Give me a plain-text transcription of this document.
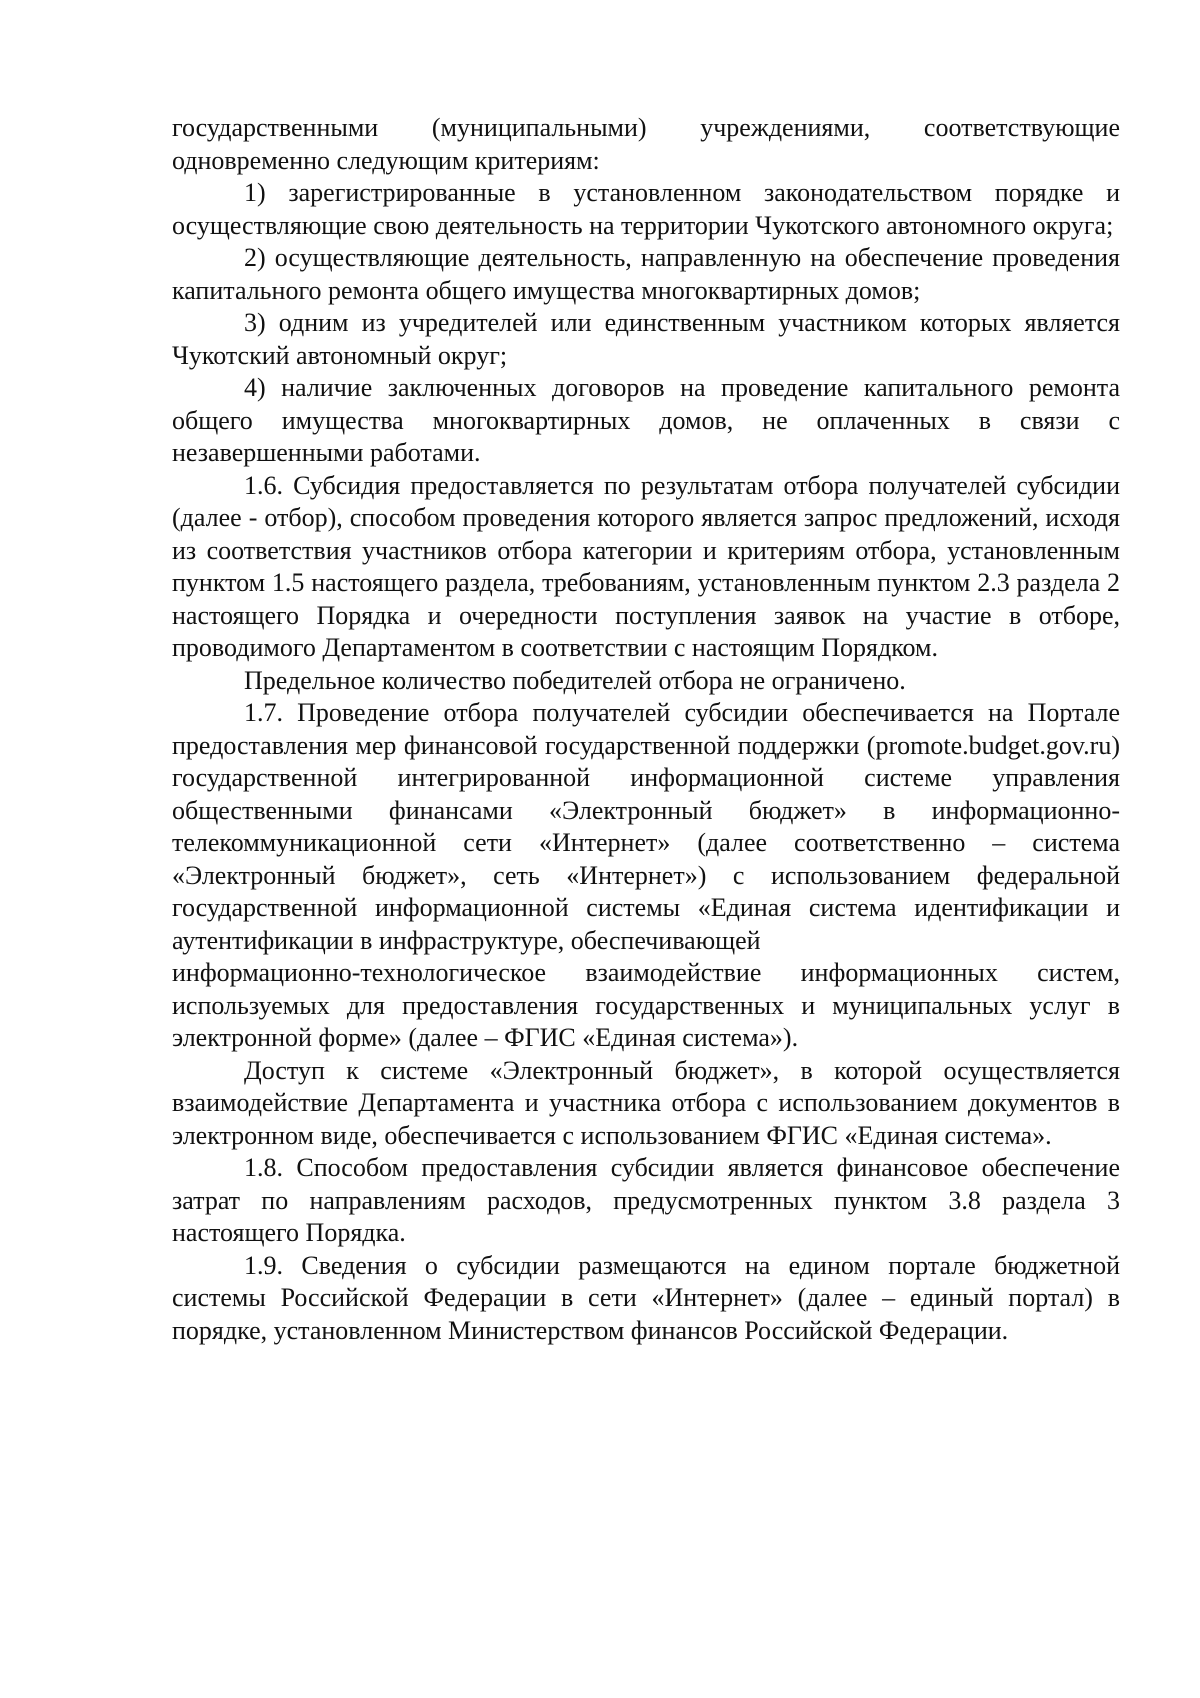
государственными (муниципальными) учреждениями, соответствующие одновременно следующим критериям:

1) зарегистрированные в установленном законодательством порядке и осуществляющие свою деятельность на территории Чукотского автономного округа;

2) осуществляющие деятельность, направленную на обеспечение проведения капитального ремонта общего имущества многоквартирных домов;

3) одним из учредителей или единственным участником которых является Чукотский автономный округ;

4) наличие заключенных договоров на проведение капитального ремонта общего имущества многоквартирных домов, не оплаченных в связи с незавершенными работами.

1.6. Субсидия предоставляется по результатам отбора получателей субсидии (далее - отбор), способом проведения которого является запрос предложений, исходя из соответствия участников отбора категории и критериям отбора, установленным пунктом 1.5 настоящего раздела, требованиям, установленным пунктом 2.3 раздела 2 настоящего Порядка и очередности поступления заявок на участие в отборе, проводимого Департаментом в соответствии с настоящим Порядком.

Предельное количество победителей отбора не ограничено.

1.7. Проведение отбора получателей субсидии обеспечивается на Портале предоставления мер финансовой государственной поддержки (promote.budget.gov.ru) государственной интегрированной информационной системе управления общественными финансами «Электронный бюджет» в информационно-телекоммуникационной сети «Интернет» (далее соответственно – система «Электронный бюджет», сеть «Интернет») с использованием федеральной государственной информационной системы «Единая система идентификации и аутентификации в инфраструктуре, обеспечивающей

информационно-технологическое взаимодействие информационных систем, используемых для предоставления государственных и муниципальных услуг в электронной форме» (далее – ФГИС «Единая система»).

Доступ к системе «Электронный бюджет», в которой осуществляется взаимодействие Департамента и участника отбора с использованием документов в электронном виде, обеспечивается с использованием ФГИС «Единая система».

1.8. Способом предоставления субсидии является финансовое обеспечение затрат по направлениям расходов, предусмотренных пунктом 3.8 раздела 3 настоящего Порядка.

1.9. Сведения о субсидии размещаются на едином портале бюджетной системы Российской Федерации в сети «Интернет» (далее – единый портал) в порядке, установленном Министерством финансов Российской Федерации.
